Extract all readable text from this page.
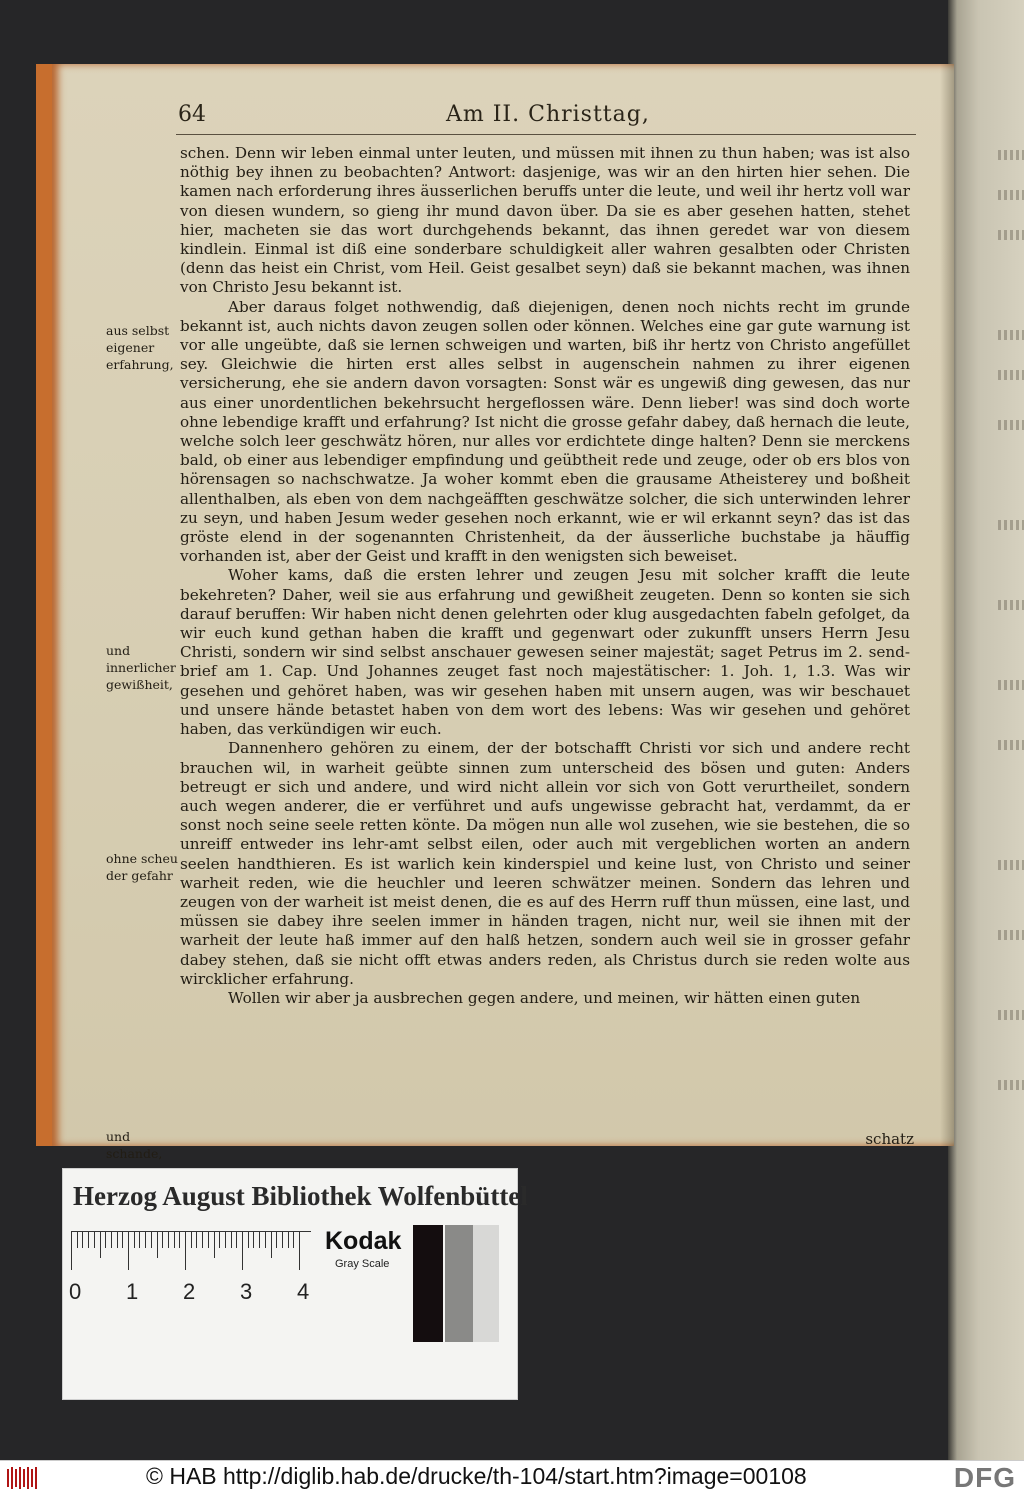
64	Am II. Christtag,

schen. Denn wir leben einmal unter leuten, und müssen mit ihnen zu thun haben; was ist also nöthig bey ihnen zu beobachten? Antwort: dasjenige, was wir an den hirten hier sehen. Die kamen nach erforderung ihres äusserlichen beruffs unter die leute, und weil ihr hertz voll war von diesen wundern, so gieng ihr mund davon über. Da sie es aber gesehen hatten, stehet hier, macheten sie das wort durchgehends bekannt, das ihnen geredet war von diesem kindlein. Einmal ist diß eine sonderbare schuldigkeit aller wahren gesalbten oder Christen (denn das heist ein Christ, vom Heil. Geist gesalbet seyn) daß sie bekannt machen, was ihnen von Christo Jesu bekannt ist.

Aber daraus folget nothwendig, daß diejenigen, denen noch nichts recht im grunde bekannt ist, auch nichts davon zeugen sollen oder können. Welches eine gar gute warnung ist vor alle ungeübte, daß sie lernen schweigen und warten, biß ihr hertz von Christo angefüllet sey. Gleichwie die hirten erst alles selbst in augenschein nahmen zu ihrer eigenen versicherung, ehe sie andern davon vorsagten: Sonst wär es ungewiß ding gewesen, das nur aus einer unordentlichen bekehrsucht hergeflossen wäre. Denn lieber! was sind doch worte ohne lebendige krafft und erfahrung? Ist nicht die grosse gefahr dabey, daß hernach die leute, welche solch leer geschwätz hören, nur alles vor erdichtete dinge halten? Denn sie merckens bald, ob einer aus lebendiger empfindung und geübtheit rede und zeuge, oder ob ers blos von hörensagen so nachschwatze. Ja woher kommt eben die grausame Atheisterey und boßheit allenthalben, als eben von dem nachgeäfften geschwätze solcher, die sich unterwinden lehrer zu seyn, und haben Jesum weder gesehen noch erkannt, wie er wil erkannt seyn? das ist das gröste elend in der sogenannten Christenheit, da der äusserliche buchstabe ja häuffig vorhanden ist, aber der Geist und krafft in den wenigsten sich beweiset.

Woher kams, daß die ersten lehrer und zeugen Jesu mit solcher krafft die leute bekehreten? Daher, weil sie aus erfahrung und gewißheit zeugeten. Denn so konten sie sich darauf beruffen: Wir haben nicht denen gelehrten oder klug ausgedachten fabeln gefolget, da wir euch kund gethan haben die krafft und gegenwart oder zukunfft unsers Herrn Jesu Christi, sondern wir sind selbst anschauer gewesen seiner majestät; saget Petrus im 2. send-brief am 1. Cap. Und Johannes zeuget fast noch majestätischer: 1. Joh. 1, 1.3. Was wir gesehen und gehöret haben, was wir gesehen haben mit unsern augen, was wir beschauet und unsere hände betastet haben von dem wort des lebens: Was wir gesehen und gehöret haben, das verkündigen wir euch.

Dannenhero gehören zu einem, der der botschafft Christi vor sich und andere recht brauchen wil, in warheit geübte sinnen zum unterscheid des bösen und guten: Anders betreugt er sich und andere, und wird nicht allein vor sich von Gott verurtheilet, sondern auch wegen anderer, die er verführet und aufs ungewisse gebracht hat, verdammt, da er sonst noch seine seele retten könte. Da mögen nun alle wol zusehen, wie sie bestehen, die so unreiff entweder ins lehr-amt selbst eilen, oder auch mit vergeblichen worten an andern seelen handthieren. Es ist warlich kein kinderspiel und keine lust, von Christo und seiner warheit reden, wie die heuchler und leeren schwätzer meinen. Sondern das lehren und zeugen von der warheit ist meist denen, die es auf des Herrn ruff thun müssen, eine last, und müssen sie dabey ihre seelen immer in händen tragen, nicht nur, weil sie ihnen mit der warheit der leute haß immer auf den halß hetzen, sondern auch weil sie in grosser gefahr dabey stehen, daß sie nicht offt etwas anders reden, als Christus durch sie reden wolte aus wircklicher erfahrung.

Wollen wir aber ja ausbrechen gegen andere, und meinen, wir hätten einen guten

aus selbst eigener erfahrung,
und innerlicher gewißheit,
ohne scheu der gefahr
und schande,
schatz
Herzog August Bibliothek Wolfenbüttel
0 1 2 3 4
Kodak
Gray Scale
© HAB http://diglib.hab.de/drucke/th-104/start.htm?image=00108	DFG
